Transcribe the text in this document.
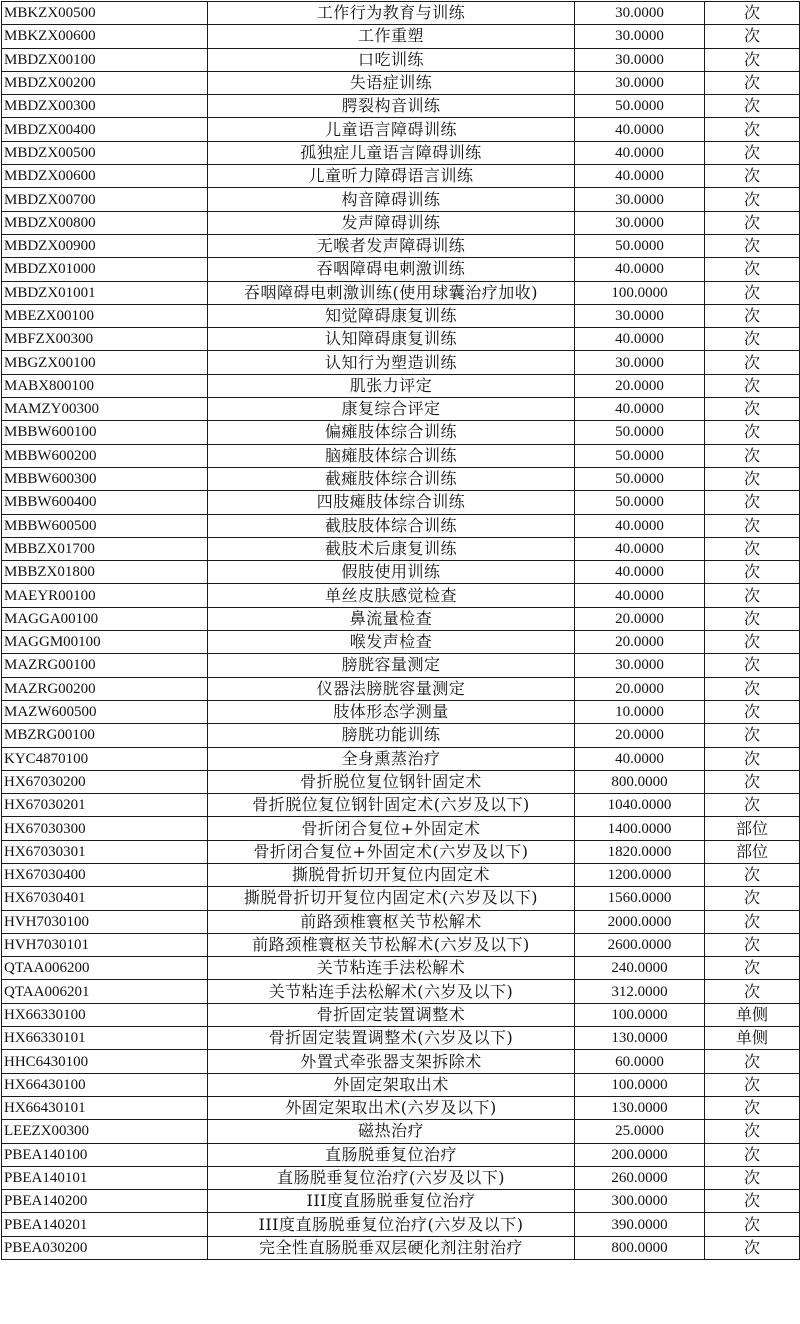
MBKZX00500	工作行为教育与训练	30.0000	次
MBKZX00600	工作重塑	30.0000	次
MBDZX00100	口吃训练	30.0000	次
MBDZX00200	失语症训练	30.0000	次
MBDZX00300	腭裂构音训练	50.0000	次
MBDZX00400	儿童语言障碍训练	40.0000	次
MBDZX00500	孤独症儿童语言障碍训练	40.0000	次
MBDZX00600	儿童听力障碍语言训练	40.0000	次
MBDZX00700	构音障碍训练	30.0000	次
MBDZX00800	发声障碍训练	30.0000	次
MBDZX00900	无喉者发声障碍训练	50.0000	次
MBDZX01000	吞咽障碍电刺激训练	40.0000	次
MBDZX01001	吞咽障碍电刺激训练(使用球囊治疗加收)	100.0000	次
MBEZX00100	知觉障碍康复训练	30.0000	次
MBFZX00300	认知障碍康复训练	40.0000	次
MBGZX00100	认知行为塑造训练	30.0000	次
MABX800100	肌张力评定	20.0000	次
MAMZY00300	康复综合评定	40.0000	次
MBBW600100	偏瘫肢体综合训练	50.0000	次
MBBW600200	脑瘫肢体综合训练	50.0000	次
MBBW600300	截瘫肢体综合训练	50.0000	次
MBBW600400	四肢瘫肢体综合训练	50.0000	次
MBBW600500	截肢肢体综合训练	40.0000	次
MBBZX01700	截肢术后康复训练	40.0000	次
MBBZX01800	假肢使用训练	40.0000	次
MAEYR00100	单丝皮肤感觉检查	40.0000	次
MAGGA00100	鼻流量检查	20.0000	次
MAGGM00100	喉发声检查	20.0000	次
MAZRG00100	膀胱容量测定	30.0000	次
MAZRG00200	仪器法膀胱容量测定	20.0000	次
MAZW600500	肢体形态学测量	10.0000	次
MBZRG00100	膀胱功能训练	20.0000	次
KYC4870100	全身熏蒸治疗	40.0000	次
HX67030200	骨折脱位复位钢针固定术	800.0000	次
HX67030201	骨折脱位复位钢针固定术(六岁及以下)	1040.0000	次
HX67030300	骨折闭合复位+外固定术	1400.0000	部位
HX67030301	骨折闭合复位+外固定术(六岁及以下)	1820.0000	部位
HX67030400	撕脱骨折切开复位内固定术	1200.0000	次
HX67030401	撕脱骨折切开复位内固定术(六岁及以下)	1560.0000	次
HVH7030100	前路颈椎寰枢关节松解术	2000.0000	次
HVH7030101	前路颈椎寰枢关节松解术(六岁及以下)	2600.0000	次
QTAA006200	关节粘连手法松解术	240.0000	次
QTAA006201	关节粘连手法松解术(六岁及以下)	312.0000	次
HX66330100	骨折固定装置调整术	100.0000	单侧
HX66330101	骨折固定装置调整术(六岁及以下)	130.0000	单侧
HHC6430100	外置式牵张器支架拆除术	60.0000	次
HX66430100	外固定架取出术	100.0000	次
HX66430101	外固定架取出术(六岁及以下)	130.0000	次
LEEZX00300	磁热治疗	25.0000	次
PBEA140100	直肠脱垂复位治疗	200.0000	次
PBEA140101	直肠脱垂复位治疗(六岁及以下)	260.0000	次
PBEA140200	III度直肠脱垂复位治疗	300.0000	次
PBEA140201	III度直肠脱垂复位治疗(六岁及以下)	390.0000	次
PBEA030200	完全性直肠脱垂双层硬化剂注射治疗	800.0000	次
